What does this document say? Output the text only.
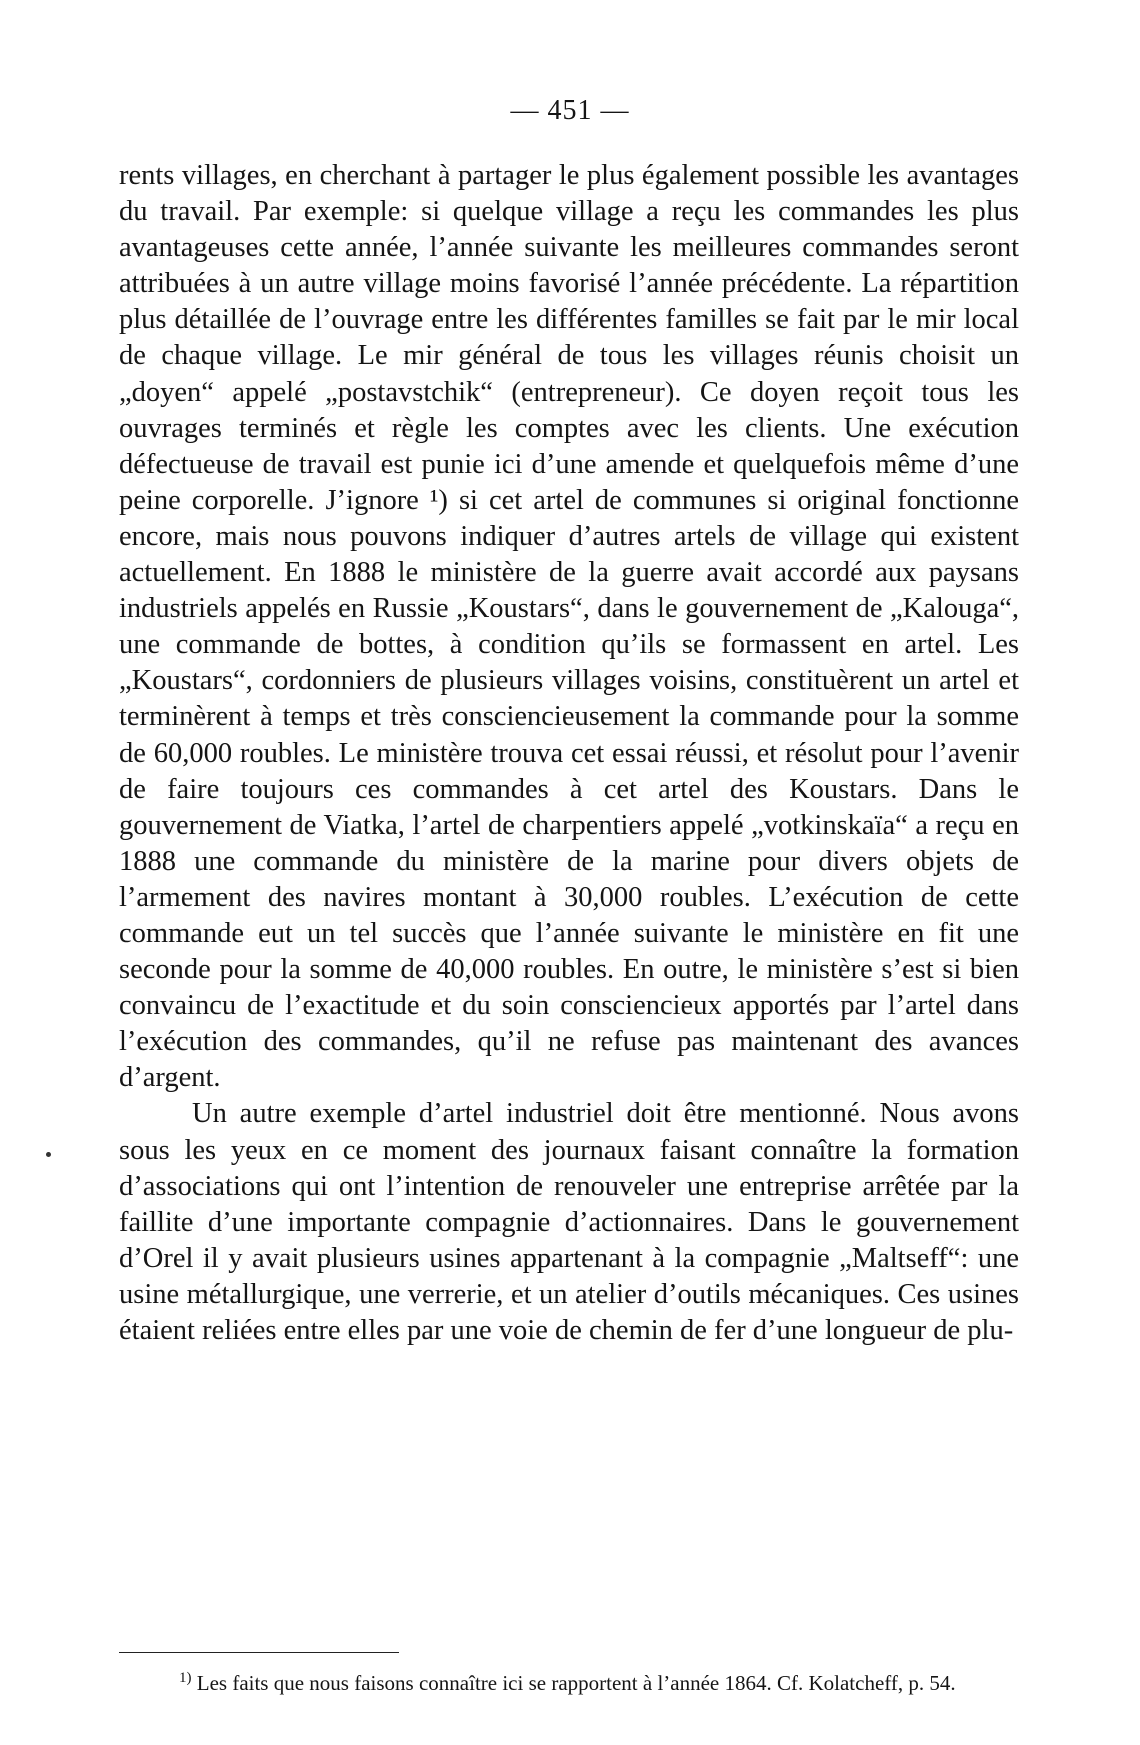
— 451 —

rents villages, en cherchant à partager le plus également possible les avantages du travail. Par exemple: si quelque village a reçu les commandes les plus avantageuses cette année, l’année suivante les meilleures commandes seront attribuées à un autre village moins favorisé l’année précédente. La répartition plus détaillée de l’ouvrage entre les différentes familles se fait par le mir local de chaque village. Le mir général de tous les villages réunis choisit un „doyen“ appelé „postavstchik“ (entrepreneur). Ce doyen reçoit tous les ouvrages terminés et règle les comptes avec les clients. Une exécution défectueuse de travail est punie ici d’une amende et quelquefois même d’une peine corporelle. J’ignore ¹) si cet artel de communes si original fonctionne encore, mais nous pouvons indiquer d’autres artels de village qui existent actuellement. En 1888 le ministère de la guerre avait accordé aux paysans industriels appelés en Russie „Koustars“, dans le gouvernement de „Kalouga“, une commande de bottes, à condition qu’ils se formassent en artel. Les „Koustars“, cordonniers de plusieurs villages voisins, constituèrent un artel et terminèrent à temps et très consciencieusement la commande pour la somme de 60,000 roubles. Le ministère trouva cet essai réussi, et résolut pour l’avenir de faire toujours ces commandes à cet artel des Koustars. Dans le gouvernement de Viatka, l’artel de charpentiers appelé „votkinskaïa“ a reçu en 1888 une commande du ministère de la marine pour divers objets de l’armement des navires montant à 30,000 roubles. L’exécution de cette commande eut un tel succès que l’année suivante le ministère en fit une seconde pour la somme de 40,000 roubles. En outre, le ministère s’est si bien convaincu de l’exactitude et du soin consciencieux apportés par l’artel dans l’exécution des commandes, qu’il ne refuse pas maintenant des avances d’argent.

Un autre exemple d’artel industriel doit être mentionné. Nous avons sous les yeux en ce moment des journaux faisant connaître la formation d’associations qui ont l’intention de renouveler une entreprise arrêtée par la faillite d’une importante compagnie d’actionnaires. Dans le gouvernement d’Orel il y avait plusieurs usines appartenant à la compagnie „Maltseff“: une usine métallurgique, une verrerie, et un atelier d’outils mécaniques. Ces usines étaient reliées entre elles par une voie de chemin de fer d’une longueur de plu-

$^{1)}$ Les faits que nous faisons connaître ici se rapportent à l’année 1864. Cf. Kolatcheff, p. 54.
